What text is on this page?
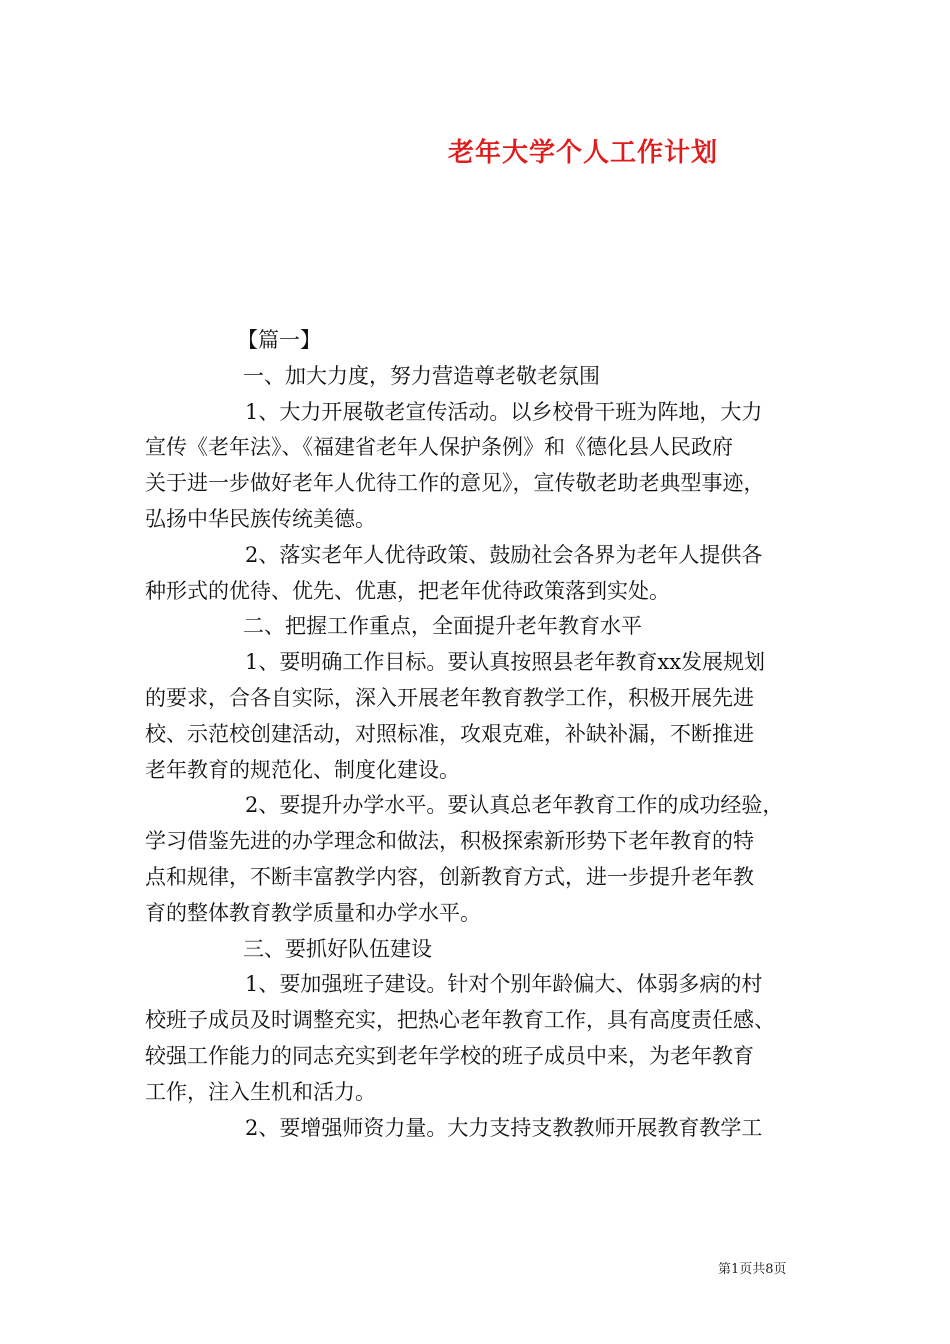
老年大学个人工作计划

【篇一】

一、加大力度，努力营造尊老敬老氛围

1、大力开展敬老宣传活动。以乡校骨干班为阵地，大力

宣传《老年法》、《福建省老年人保护条例》和《德化县人民政府

关于进一步做好老年人优待工作的意见》，宣传敬老助老典型事迹，

弘扬中华民族传统美德。

2、落实老年人优待政策、鼓励社会各界为老年人提供各

种形式的优待、优先、优惠，把老年优待政策落到实处。

二、把握工作重点，全面提升老年教育水平

1、要明确工作目标。要认真按照县老年教育xx发展规划

的要求，合各自实际，深入开展老年教育教学工作，积极开展先进

校、示范校创建活动，对照标准，攻艰克难，补缺补漏，不断推进

老年教育的规范化、制度化建设。

2、要提升办学水平。要认真总老年教育工作的成功经验，

学习借鉴先进的办学理念和做法，积极探索新形势下老年教育的特

点和规律，不断丰富教学内容，创新教育方式，进一步提升老年教

育的整体教育教学质量和办学水平。

三、要抓好队伍建设

1、要加强班子建设。针对个别年龄偏大、体弱多病的村

校班子成员及时调整充实，把热心老年教育工作，具有高度责任感、

较强工作能力的同志充实到老年学校的班子成员中来，为老年教育

工作，注入生机和活力。

2、要增强师资力量。大力支持支教教师开展教育教学工

第1页共8页
